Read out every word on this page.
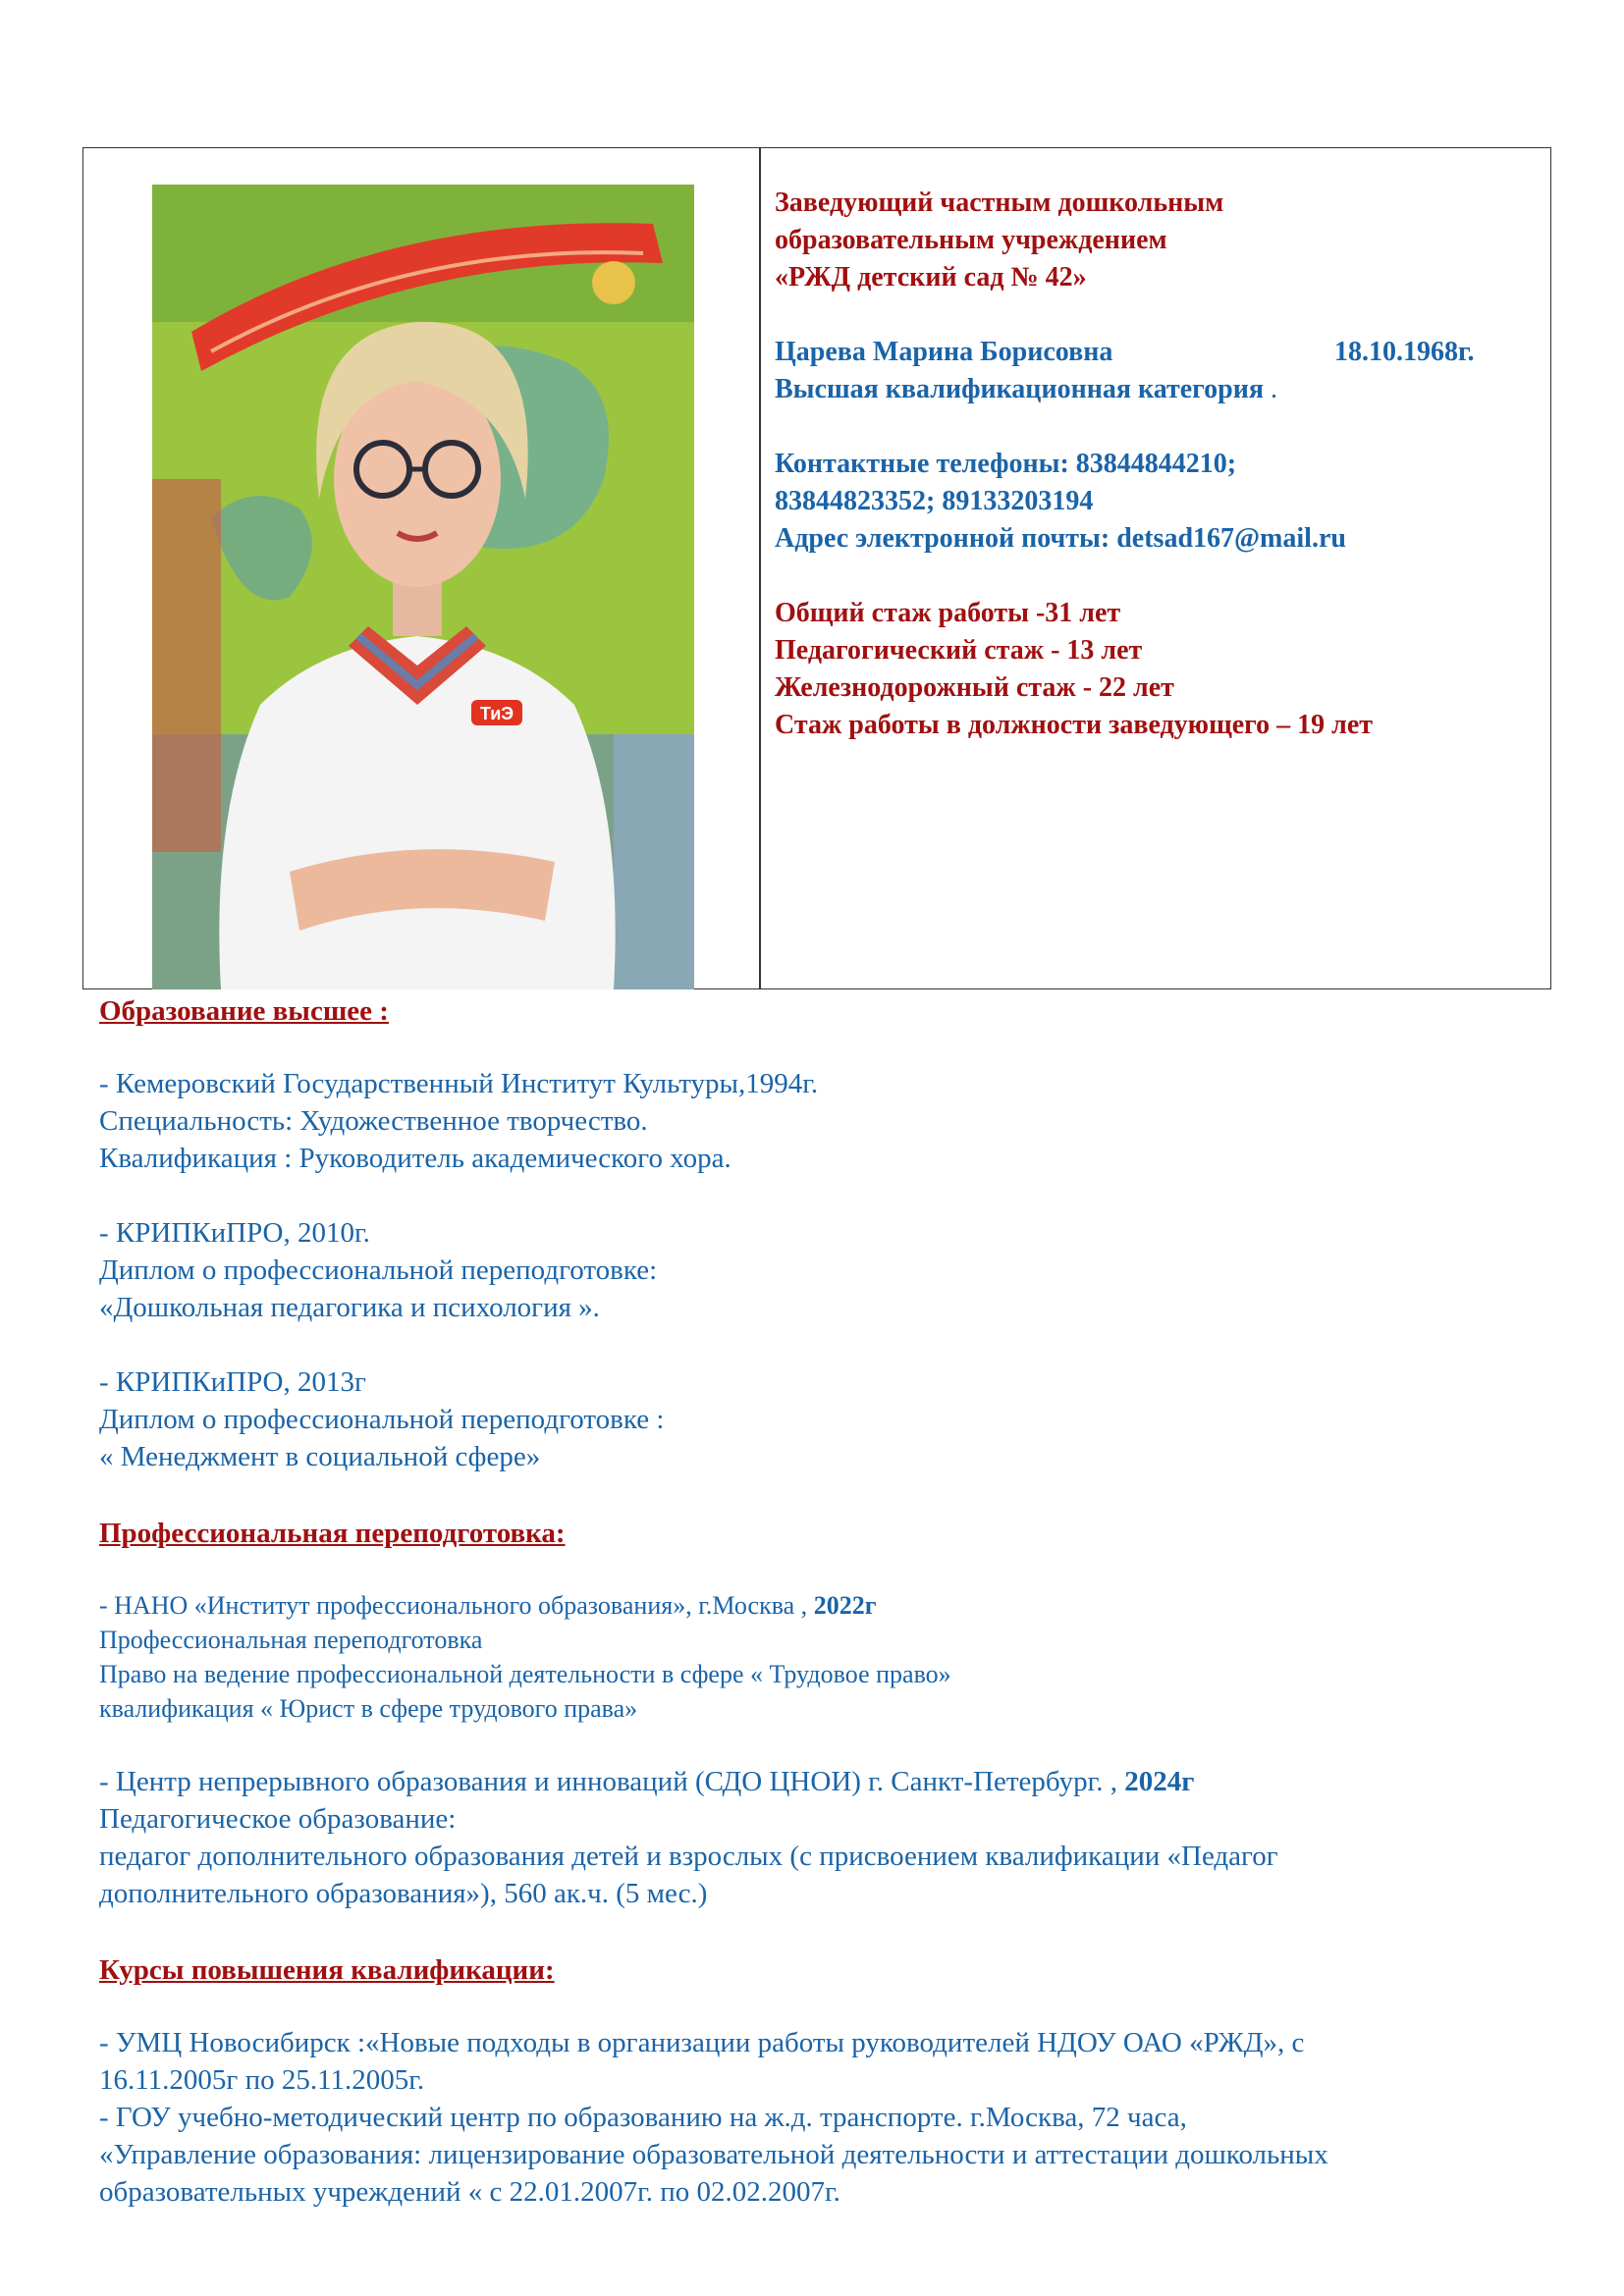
ТиЭ
Заведующий частным дошкольным
образовательным учреждением
«РЖД детский сад № 42»
Царева Марина Борисовна	18.10.1968г.
Высшая квалификационная категория .
Контактные телефоны: 83844844210;
83844823352; 89133203194
Адрес электронной почты: detsad167@mail.ru
Общий стаж работы -31 лет
Педагогический стаж - 13 лет
Железнодорожный стаж - 22 лет
Стаж работы в должности заведующего – 19 лет
Образование высшее :
- Кемеровский Государственный Институт Культуры,1994г.
Специальность: Художественное творчество.
Квалификация : Руководитель академического хора.
- КРИПКиПРО, 2010г.
Диплом о профессиональной переподготовке:
«Дошкольная педагогика и психология ».
- КРИПКиПРО, 2013г
Диплом о профессиональной переподготовке :
« Менеджмент в социальной сфере»
Профессиональная переподготовка:
- НАНО «Институт профессионального образования», г.Москва , 2022г
Профессиональная переподготовка
Право на ведение профессиональной деятельности в сфере « Трудовое право»
квалификация « Юрист в сфере трудового права»
- Центр непрерывного образования и инноваций (СДО ЦНОИ) г. Санкт-Петербург. , 2024г
Педагогическое образование:
педагог дополнительного образования детей и взрослых (с присвоением квалификации «Педагог
дополнительного образования»), 560 ак.ч. (5 мес.)
Курсы повышения квалификации:
- УМЦ Новосибирск :«Новые подходы в организации работы руководителей НДОУ ОАО «РЖД», с
16.11.2005г по 25.11.2005г.
- ГОУ учебно-методический центр по образованию на ж.д. транспорте. г.Москва, 72 часа,
«Управление образования: лицензирование образовательной деятельности и аттестации дошкольных
образовательных учреждений « с 22.01.2007г. по 02.02.2007г.
